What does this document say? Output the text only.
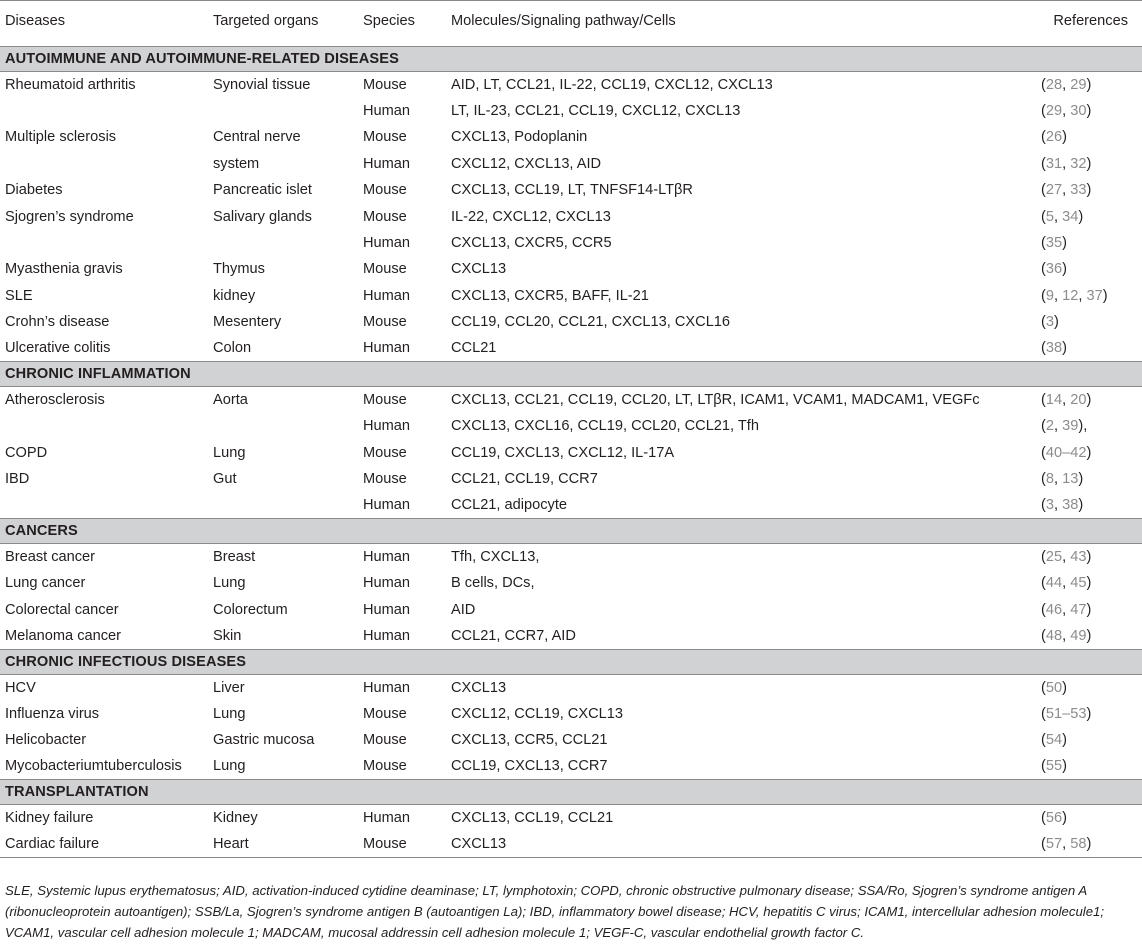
Diseases	Targeted organs	Species	Molecules/Signaling pathway/Cells	References
AUTOIMMUNE AND AUTOIMMUNE-RELATED DISEASES				
Rheumatoid arthritis	Synovial tissue	Mouse	AID, LT, CCL21, IL-22, CCL19, CXCL12, CXCL13	(28, 29)
		Human	LT, IL-23, CCL21, CCL19, CXCL12, CXCL13	(29, 30)
Multiple sclerosis	Central nerve	Mouse	CXCL13, Podoplanin	(26)
	system	Human	CXCL12, CXCL13, AID	(31, 32)
Diabetes	Pancreatic islet	Mouse	CXCL13, CCL19, LT, TNFSF14-LTβR	(27, 33)
Sjogren’s syndrome	Salivary glands	Mouse	IL-22, CXCL12, CXCL13	(5, 34)
		Human	CXCL13, CXCR5, CCR5	(35)
Myasthenia gravis	Thymus	Mouse	CXCL13	(36)
SLE	kidney	Human	CXCL13, CXCR5, BAFF, IL-21	(9, 12, 37)
Crohn’s disease	Mesentery	Mouse	CCL19, CCL20, CCL21, CXCL13, CXCL16	(3)
Ulcerative colitis	Colon	Human	CCL21	(38)
CHRONIC INFLAMMATION				
Atherosclerosis	Aorta	Mouse	CXCL13, CCL21, CCL19, CCL20, LT, LTβR, ICAM1, VCAM1, MADCAM1, VEGFc	(14, 20)
		Human	CXCL13, CXCL16, CCL19, CCL20, CCL21, Tfh	(2, 39),
COPD	Lung	Mouse	CCL19, CXCL13, CXCL12, IL-17A	(40–42)
IBD	Gut	Mouse	CCL21, CCL19, CCR7	(8, 13)
		Human	CCL21, adipocyte	(3, 38)
CANCERS				
Breast cancer	Breast	Human	Tfh, CXCL13,	(25, 43)
Lung cancer	Lung	Human	B cells, DCs,	(44, 45)
Colorectal cancer	Colorectum	Human	AID	(46, 47)
Melanoma cancer	Skin	Human	CCL21, CCR7, AID	(48, 49)
CHRONIC INFECTIOUS DISEASES				
HCV	Liver	Human	CXCL13	(50)
Influenza virus	Lung	Mouse	CXCL12, CCL19, CXCL13	(51–53)
Helicobacter	Gastric mucosa	Mouse	CXCL13, CCR5, CCL21	(54)
Mycobacteriumtuberculosis	Lung	Mouse	CCL19, CXCL13, CCR7	(55)
TRANSPLANTATION				
Kidney failure	Kidney	Human	CXCL13, CCL19, CCL21	(56)
Cardiac failure	Heart	Mouse	CXCL13	(57, 58)
SLE, Systemic lupus erythematosus; AID, activation-induced cytidine deaminase; LT, lymphotoxin; COPD, chronic obstructive pulmonary disease; SSA/Ro, Sjogren’s syndrome antigen A (ribonucleoprotein autoantigen); SSB/La, Sjogren’s syndrome antigen B (autoantigen La); IBD, inflammatory bowel disease; HCV, hepatitis C virus; ICAM1, intercellular adhesion molecule1; VCAM1, vascular cell adhesion molecule 1; MADCAM, mucosal addressin cell adhesion molecule 1; VEGF-C, vascular endothelial growth factor C.
